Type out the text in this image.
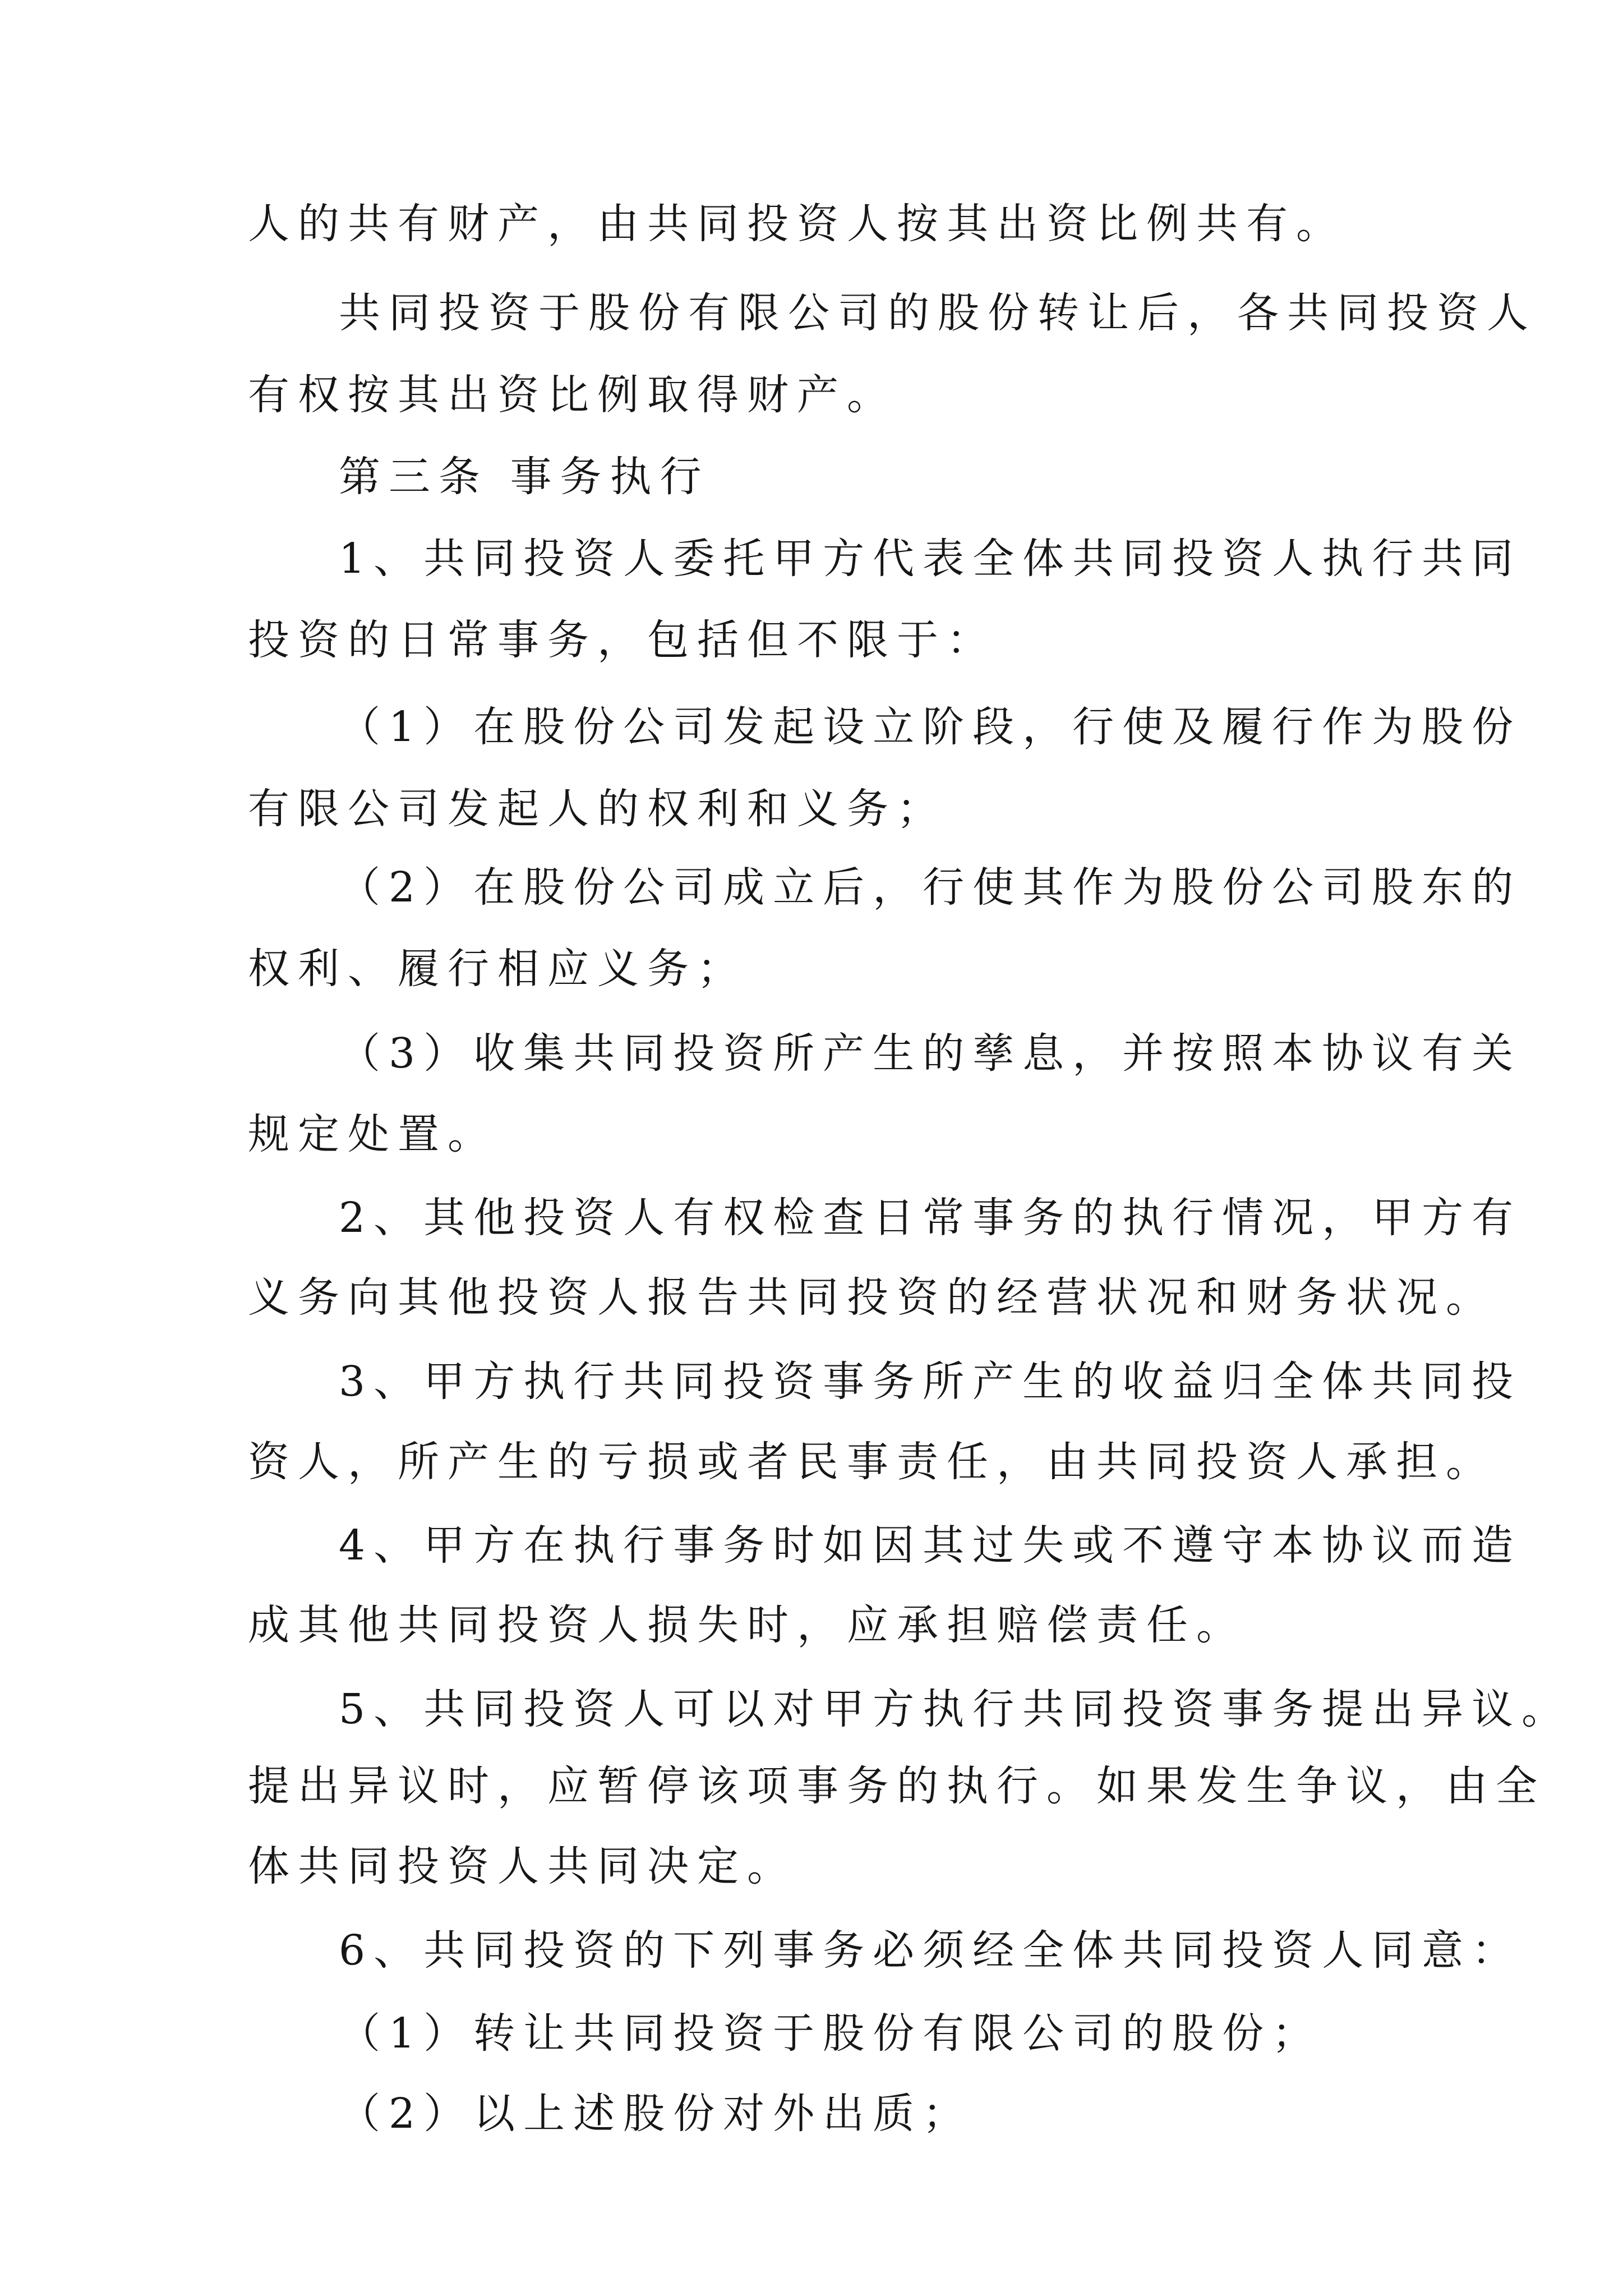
人的共有财产，由共同投资人按其出资比例共有。

共同投资于股份有限公司的股份转让后，各共同投资人

有权按其出资比例取得财产。

第三条 事务执行

1、共同投资人委托甲方代表全体共同投资人执行共同

投资的日常事务，包括但不限于：

（1）在股份公司发起设立阶段，行使及履行作为股份

有限公司发起人的权利和义务；

（2）在股份公司成立后，行使其作为股份公司股东的

权利、履行相应义务；

（3）收集共同投资所产生的孳息，并按照本协议有关

规定处置。

2、其他投资人有权检查日常事务的执行情况，甲方有

义务向其他投资人报告共同投资的经营状况和财务状况。

3、甲方执行共同投资事务所产生的收益归全体共同投

资人，所产生的亏损或者民事责任，由共同投资人承担。

4、甲方在执行事务时如因其过失或不遵守本协议而造

成其他共同投资人损失时，应承担赔偿责任。

5、共同投资人可以对甲方执行共同投资事务提出异议。

提出异议时，应暂停该项事务的执行。如果发生争议，由全

体共同投资人共同决定。

6、共同投资的下列事务必须经全体共同投资人同意：

（1）转让共同投资于股份有限公司的股份；

（2）以上述股份对外出质；
